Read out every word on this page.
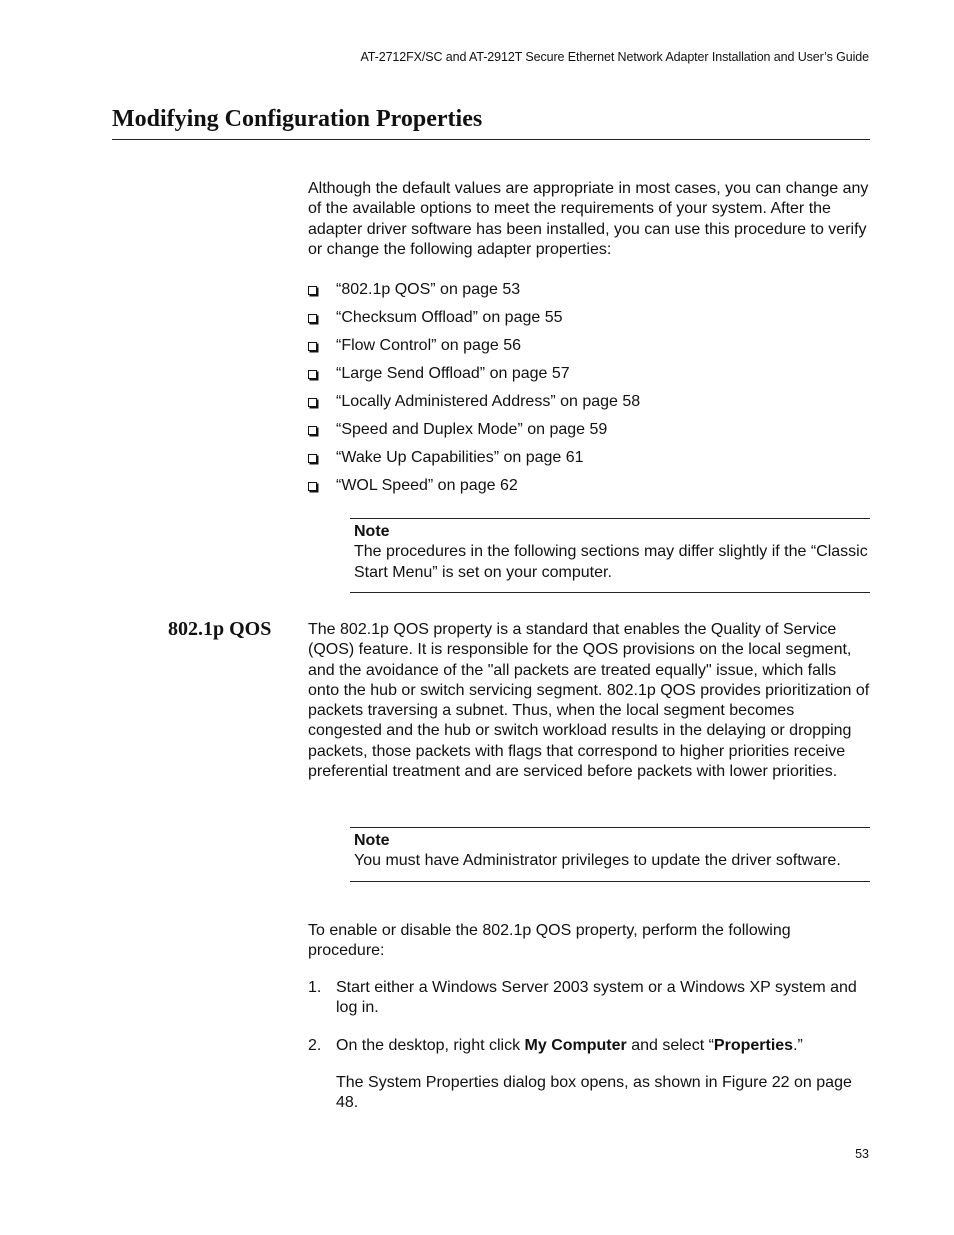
AT-2712FX/SC and AT-2912T Secure Ethernet Network Adapter Installation and User’s Guide
Modifying Configuration Properties

Although the default values are appropriate in most cases, you can change any of the available options to meet the requirements of your system. After the adapter driver software has been installed, you can use this procedure to verify or change the following adapter properties:

“802.1p QOS” on page 53
“Checksum Offload” on page 55
“Flow Control” on page 56
“Large Send Offload” on page 57
“Locally Administered Address” on page 58
“Speed and Duplex Mode” on page 59
“Wake Up Capabilities” on page 61
“WOL Speed” on page 62
Note
The procedures in the following sections may differ slightly if the “Classic Start Menu” is set on your computer.
802.1p QOS The 802.1p QOS property is a standard that enables the Quality of Service (QOS) feature. It is responsible for the QOS provisions on the local segment, and the avoidance of the "all packets are treated equally" issue, which falls onto the hub or switch servicing segment. 802.1p QOS provides prioritization of packets traversing a subnet. Thus, when the local segment becomes congested and the hub or switch workload results in the delaying or dropping packets, those packets with flags that correspond to higher priorities receive preferential treatment and are serviced before packets with lower priorities.

Note
You must have Administrator privileges to update the driver software.

To enable or disable the 802.1p QOS property, perform the following procedure:

1. Start either a Windows Server 2003 system or a Windows XP system and log in.
2. On the desktop, right click My Computer and select “Properties.”

The System Properties dialog box opens, as shown in Figure 22 on page 48.

53
